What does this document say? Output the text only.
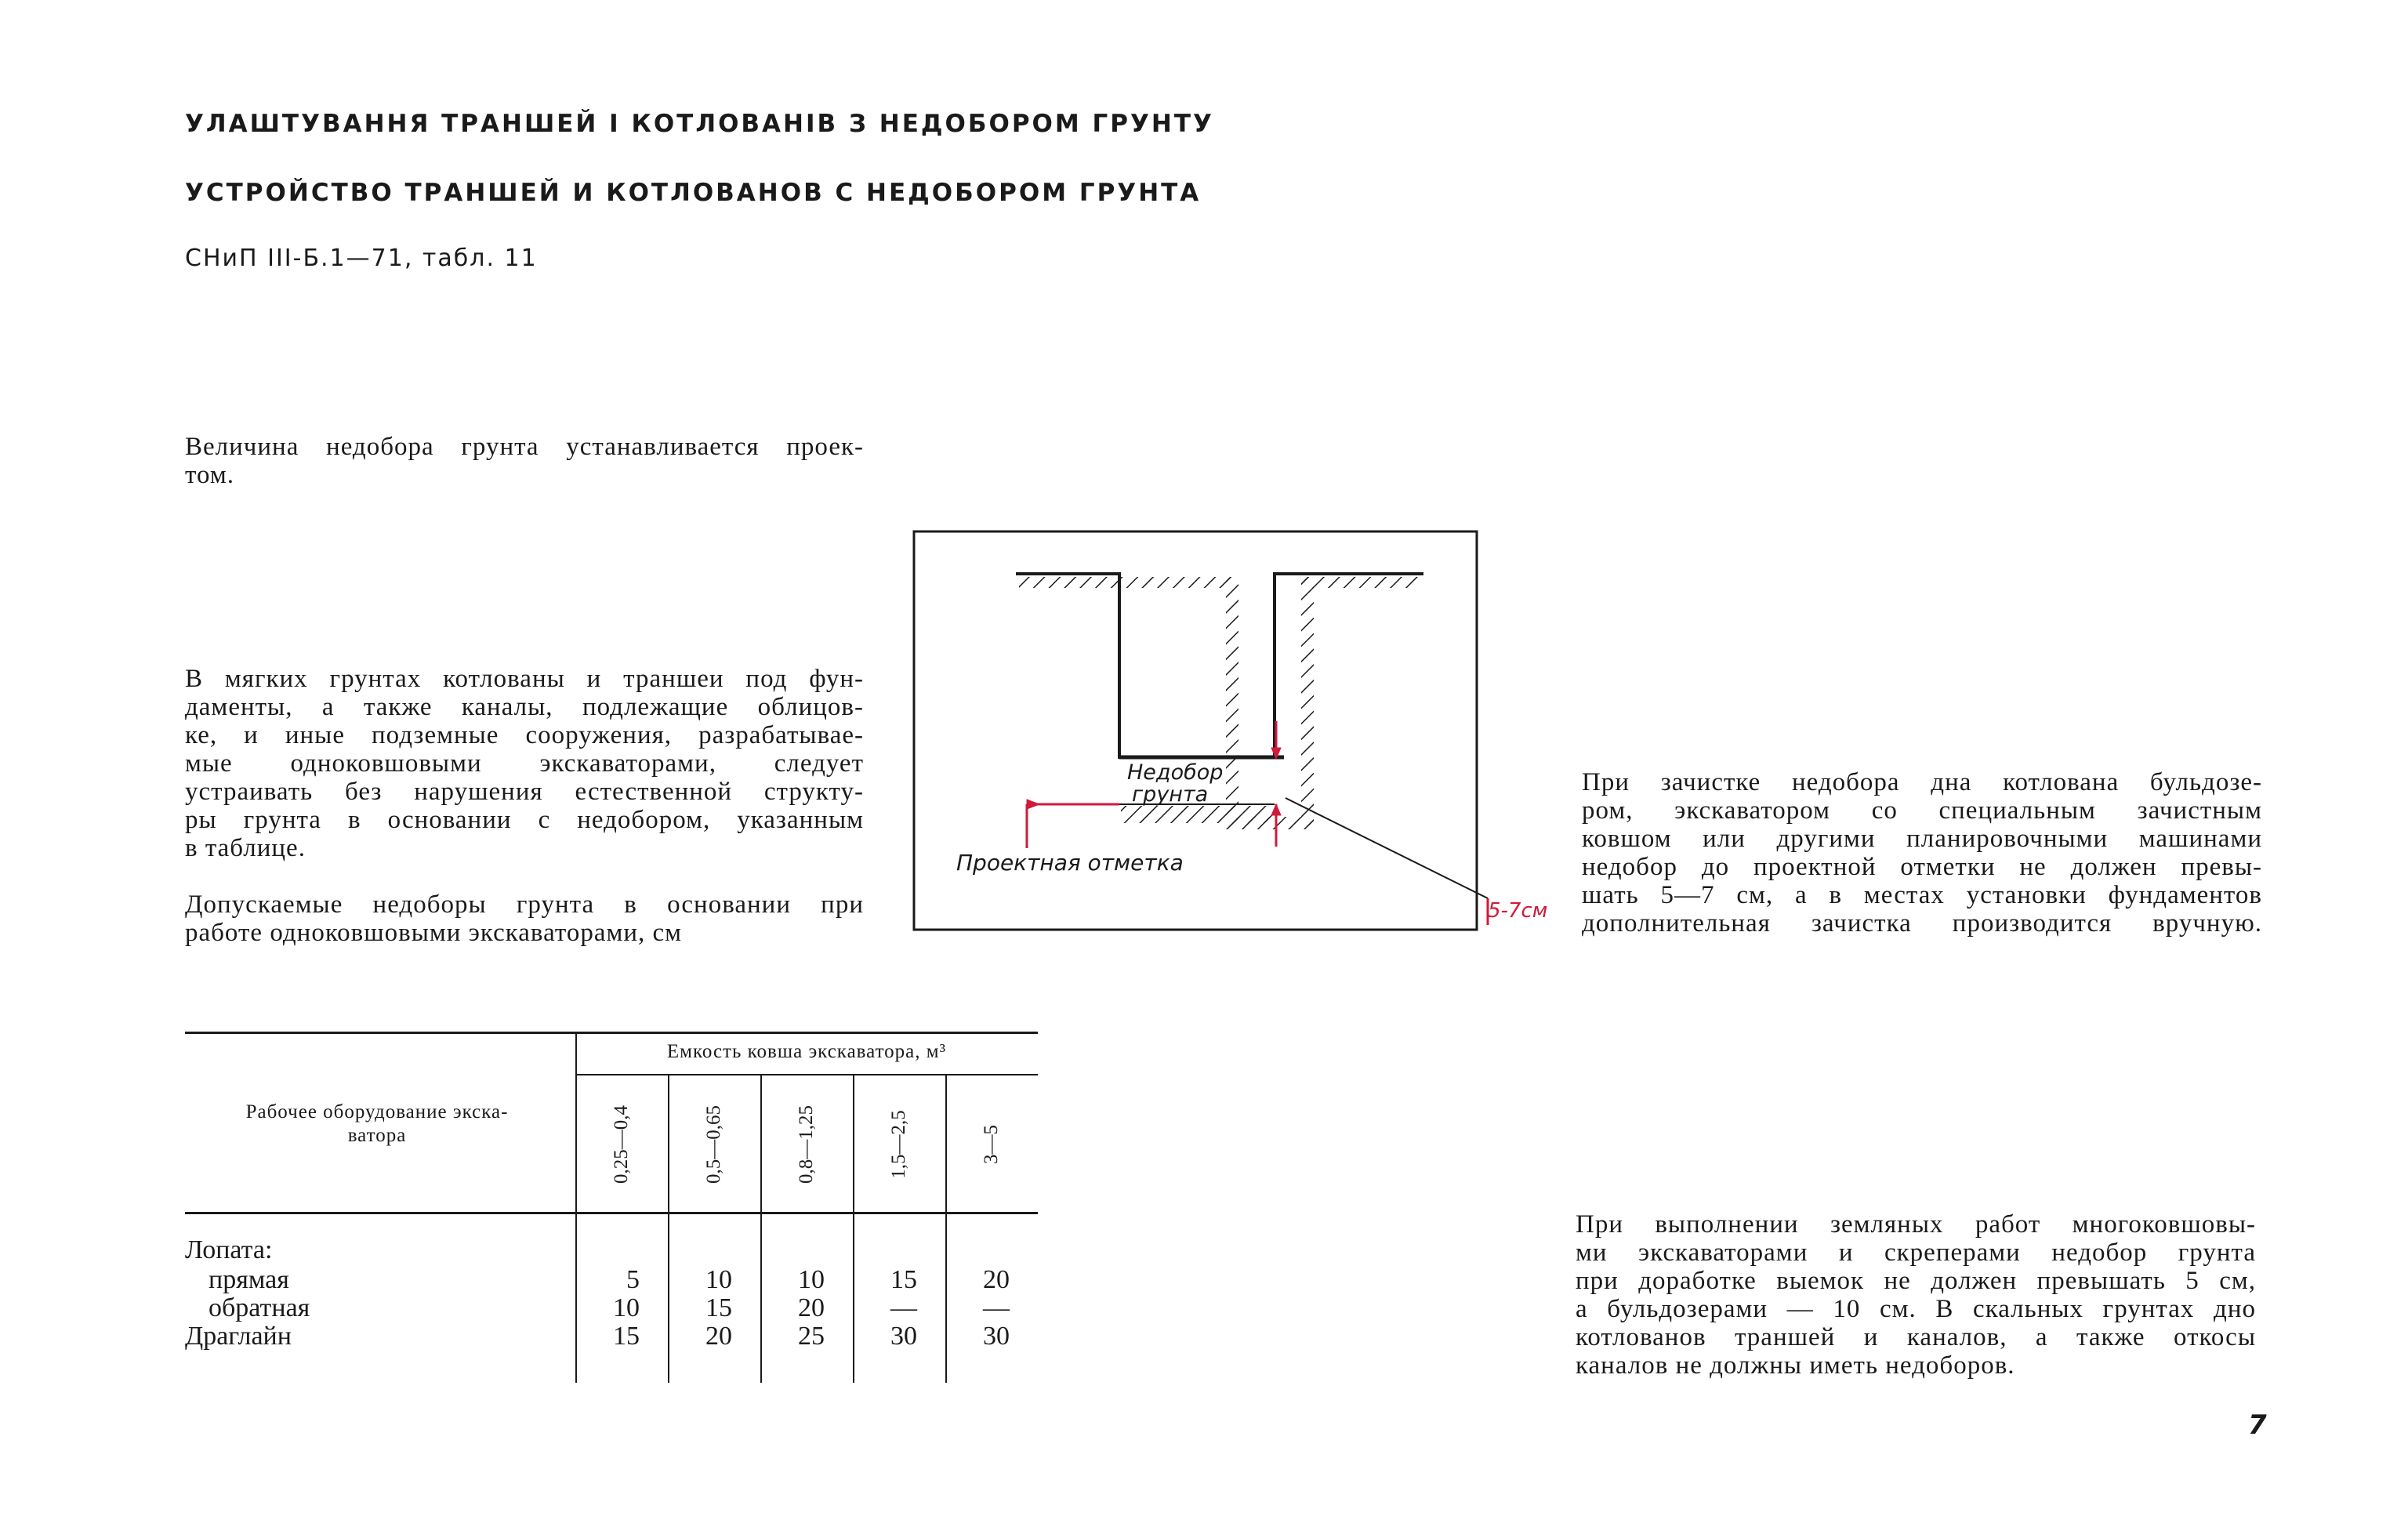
УЛАШТУВАННЯ ТРАНШЕЙ І КОТЛОВАНІВ З НЕДОБОРОМ ГРУНТУ
УСТРОЙСТВО ТРАНШЕЙ И КОТЛОВАНОВ С НЕДОБОРОМ ГРУНТА
СНиП III-Б.1—71, табл. 11
Величина недобора грунта устанавливается проек-
том.
В мягких грунтах котлованы и траншеи под фун-
даменты, а также каналы, подлежащие облицов-
ке, и иные подземные сооружения, разрабатывае-
мые одноковшовыми экскаваторами, следует
устраивать без нарушения естественной структу-
ры грунта в основании с недобором, указанным
в таблице.
Допускаемые недоборы грунта в основании при
работе одноковшовыми экскаваторами, см
Недобор
грунта
Проектная отметка
5-7см
Рабочее оборудование экска-
ватора
Емкость ковша экскаватора, м³
0,25—0,4	0,5—0,65	0,8—1,25	1,5—2,5	3—5
Лопата:
прямая	5	10	10	15	20
обратная	10	15	20	—	—
Драглайн	15	20	25	30	30
При зачистке недобора дна котлована бульдозе-
ром, экскаватором со специальным зачистным
ковшом или другими планировочными машинами
недобор до проектной отметки не должен превы-
шать 5—7 см, а в местах установки фундаментов
дополнительная зачистка производится вручную.
При выполнении земляных работ многоковшовы-
ми экскаваторами и скреперами недобор грунта
при доработке выемок не должен превышать 5 см,
а бульдозерами — 10 см. В скальных грунтах дно
котлованов траншей и каналов, а также откосы
каналов не должны иметь недоборов.
7
